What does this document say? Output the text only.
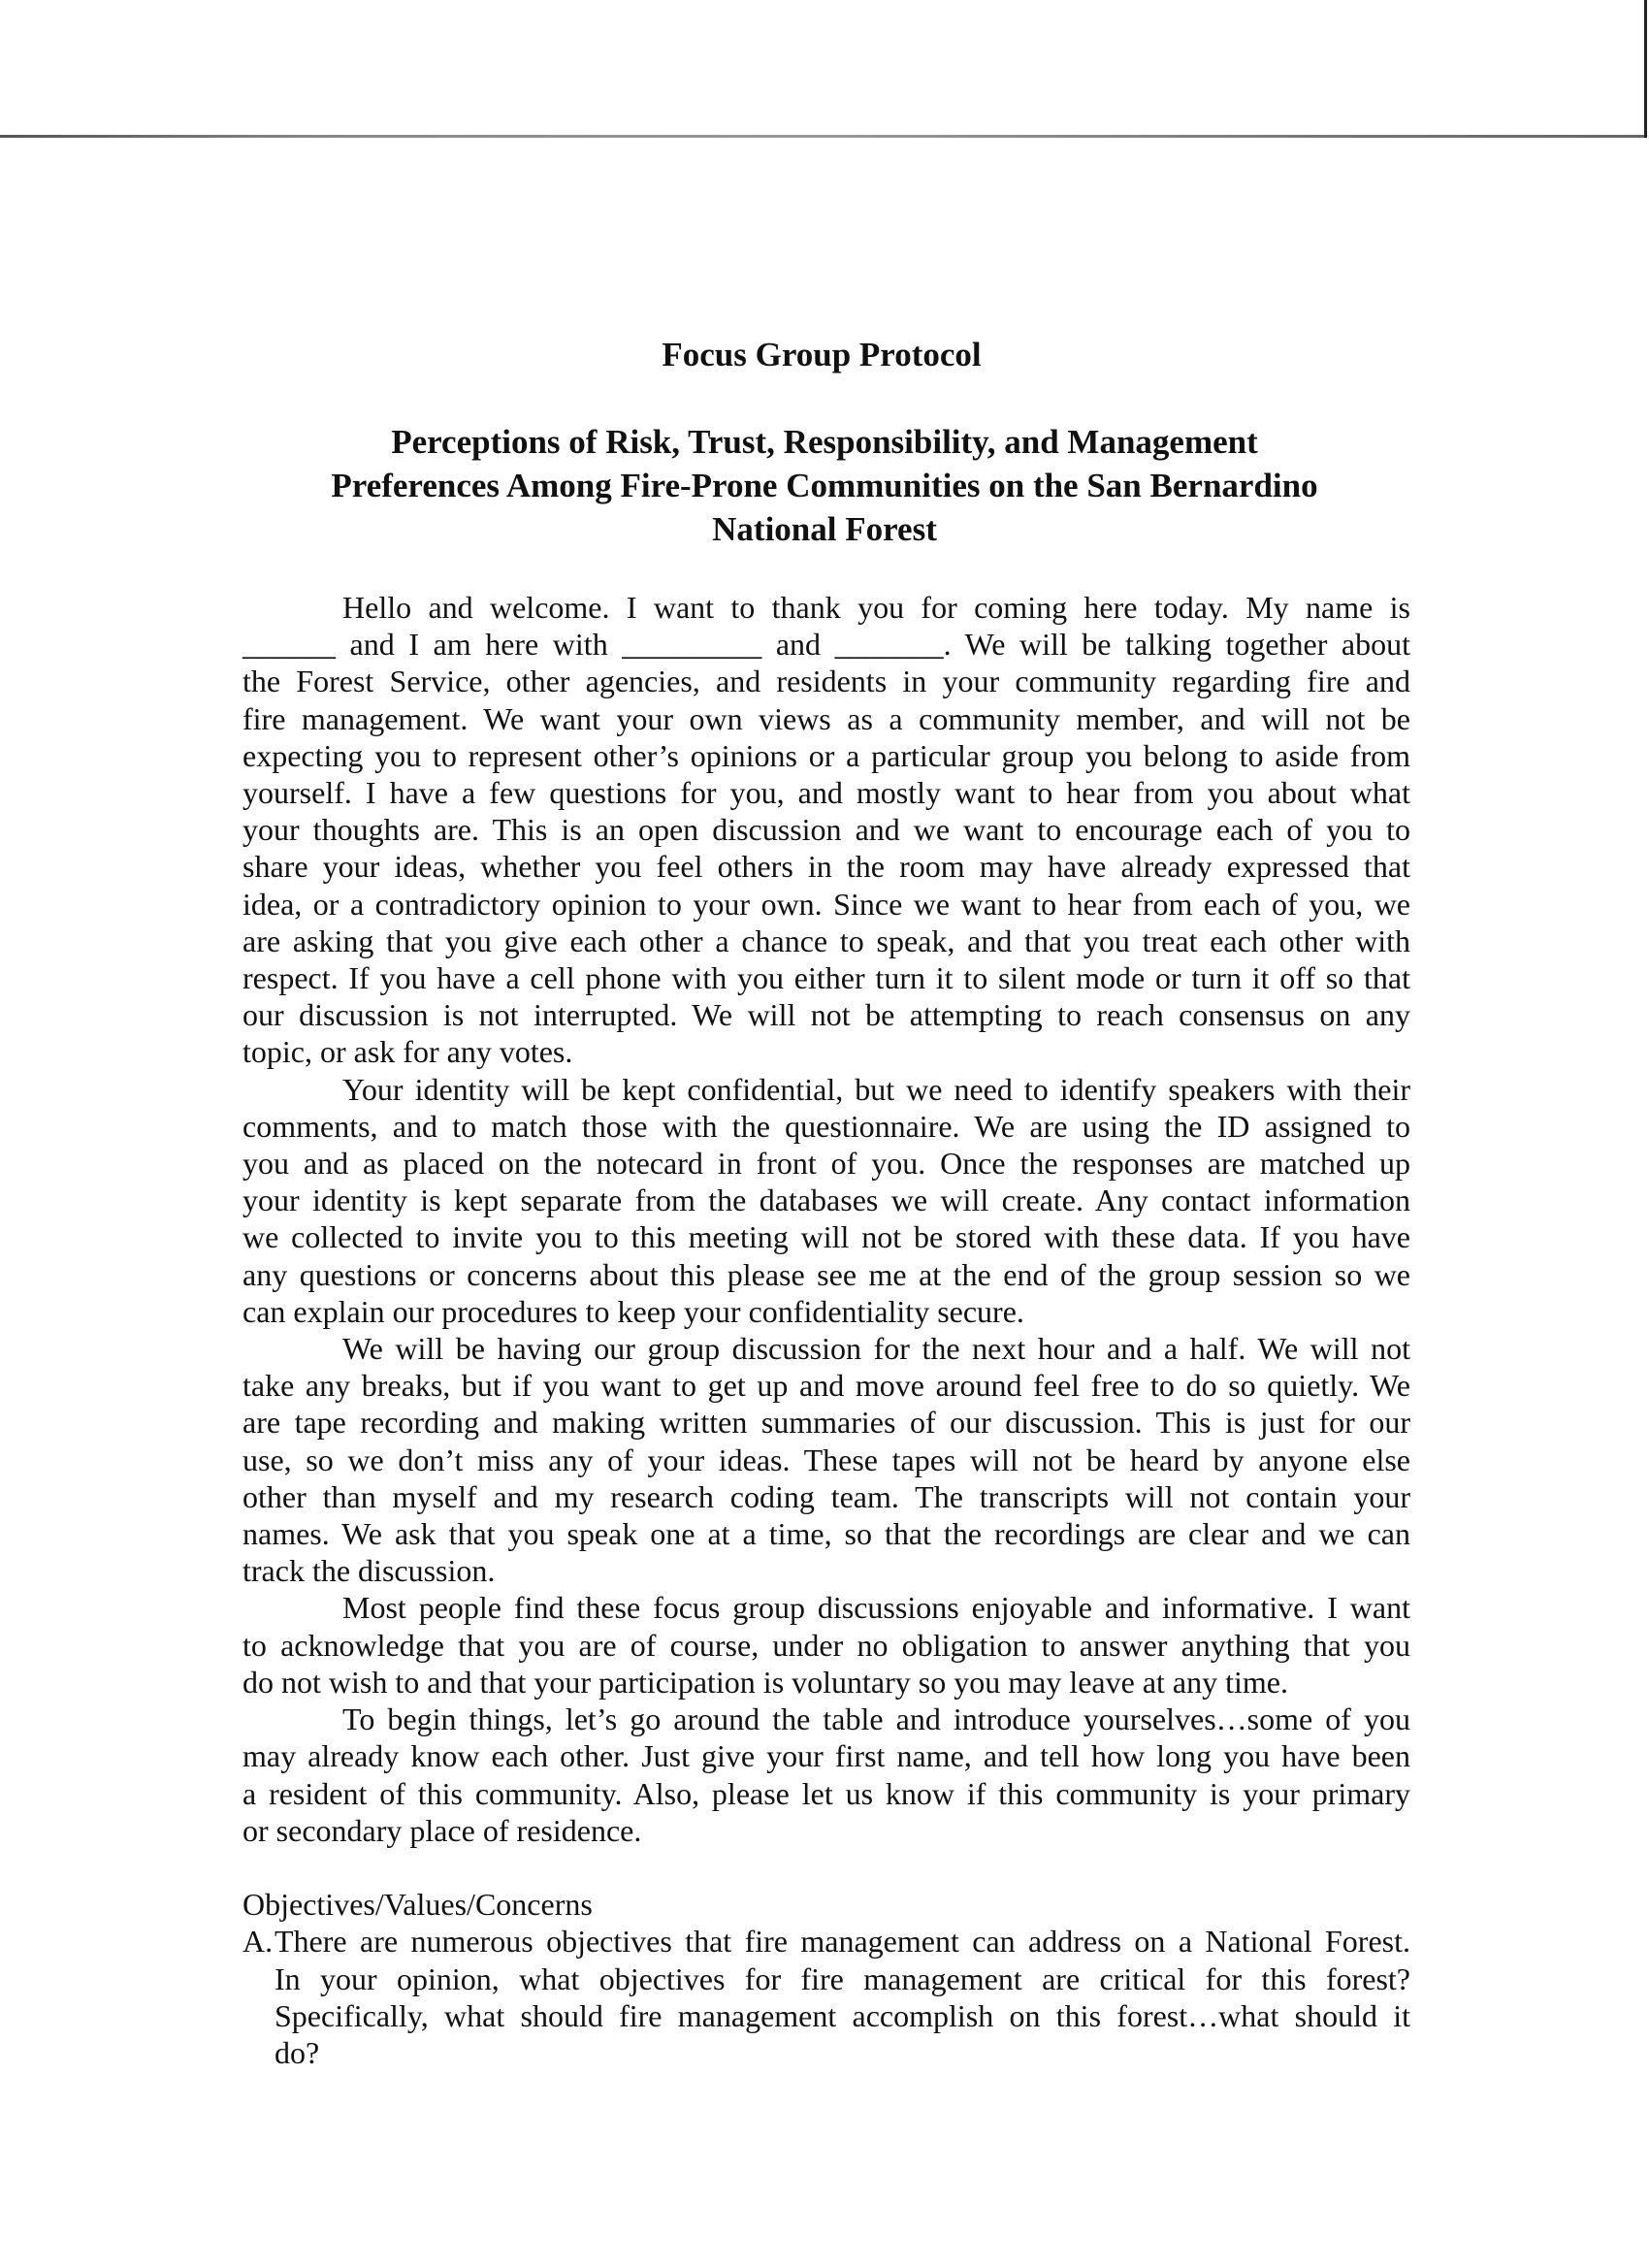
Focus Group Protocol
Perceptions of Risk, Trust, Responsibility, and Management
Preferences Among Fire-Prone Communities on the San Bernardino
National Forest
Hello and welcome. I want to thank you for coming here today. My name is
______ and I am here with _________ and _______. We will be talking together about
the Forest Service, other agencies, and residents in your community regarding fire and
fire management. We want your own views as a community member, and will not be
expecting you to represent other’s opinions or a particular group you belong to aside from
yourself. I have a few questions for you, and mostly want to hear from you about what
your thoughts are. This is an open discussion and we want to encourage each of you to
share your ideas, whether you feel others in the room may have already expressed that
idea, or a contradictory opinion to your own. Since we want to hear from each of you, we
are asking that you give each other a chance to speak, and that you treat each other with
respect. If you have a cell phone with you either turn it to silent mode or turn it off so that
our discussion is not interrupted. We will not be attempting to reach consensus on any
topic, or ask for any votes.
Your identity will be kept confidential, but we need to identify speakers with their
comments, and to match those with the questionnaire. We are using the ID assigned to
you and as placed on the notecard in front of you. Once the responses are matched up
your identity is kept separate from the databases we will create. Any contact information
we collected to invite you to this meeting will not be stored with these data. If you have
any questions or concerns about this please see me at the end of the group session so we
can explain our procedures to keep your confidentiality secure.
We will be having our group discussion for the next hour and a half. We will not
take any breaks, but if you want to get up and move around feel free to do so quietly. We
are tape recording and making written summaries of our discussion. This is just for our
use, so we don’t miss any of your ideas. These tapes will not be heard by anyone else
other than myself and my research coding team. The transcripts will not contain your
names. We ask that you speak one at a time, so that the recordings are clear and we can
track the discussion.
Most people find these focus group discussions enjoyable and informative. I want
to acknowledge that you are of course, under no obligation to answer anything that you
do not wish to and that your participation is voluntary so you may leave at any time.
To begin things, let’s go around the table and introduce yourselves…some of you
may already know each other. Just give your first name, and tell how long you have been
a resident of this community. Also, please let us know if this community is your primary
or secondary place of residence.
Objectives/Values/Concerns
A. There are numerous objectives that fire management can address on a National Forest.
In your opinion, what objectives for fire management are critical for this forest?
Specifically, what should fire management accomplish on this forest…what should it
do?
